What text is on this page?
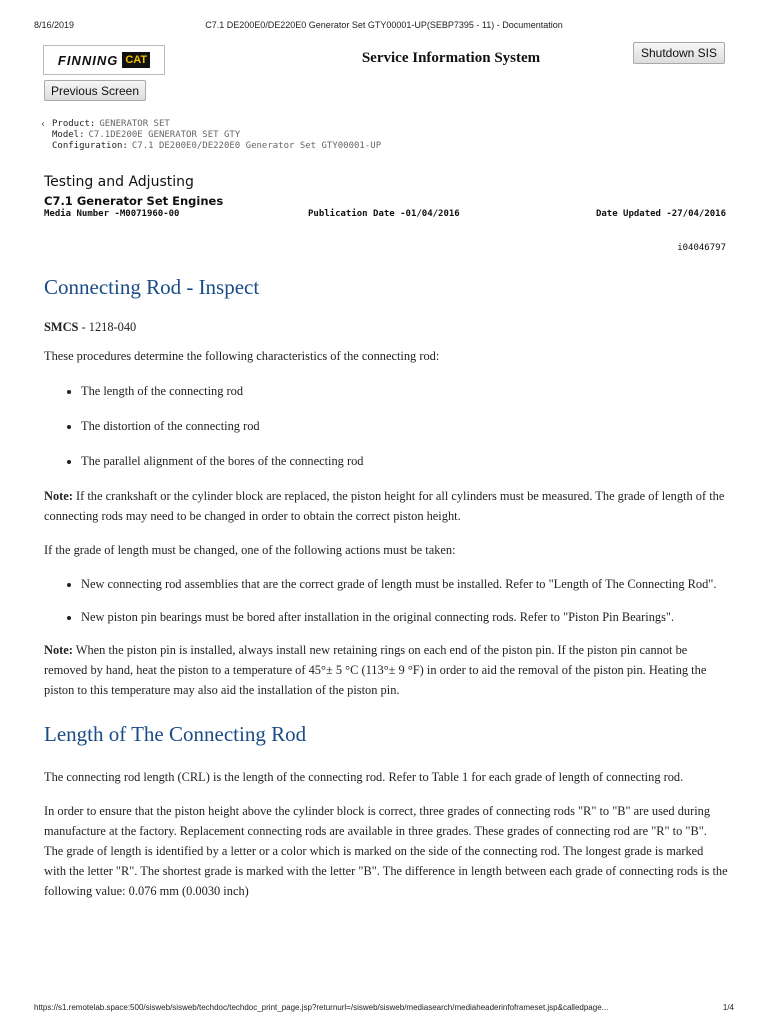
8/16/2019	C7.1 DE200E0/DE220E0 Generator Set GTY00001-UP(SEBP7395 - 11) - Documentation
FINNING CAT	Service Information System	Shutdown SIS
Previous Screen
‹ Product: GENERATOR SET
Model: C7.1DE200E GENERATOR SET GTY
Configuration: C7.1 DE200E0/DE220E0 Generator Set GTY00001-UP
Testing and Adjusting
C7.1 Generator Set Engines
Media Number -M0071960-00	Publication Date -01/04/2016	Date Updated -27/04/2016
i04046797
Connecting Rod - Inspect

SMCS - 1218-040

These procedures determine the following characteristics of the connecting rod:

• The length of the connecting rod
• The distortion of the connecting rod
• The parallel alignment of the bores of the connecting rod

Note: If the crankshaft or the cylinder block are replaced, the piston height for all cylinders must be measured. The grade of length of the connecting rods may need to be changed in order to obtain the correct piston height.

If the grade of length must be changed, one of the following actions must be taken:

• New connecting rod assemblies that are the correct grade of length must be installed. Refer to "Length of The Connecting Rod".
• New piston pin bearings must be bored after installation in the original connecting rods. Refer to "Piston Pin Bearings".

Note: When the piston pin is installed, always install new retaining rings on each end of the piston pin. If the piston pin cannot be removed by hand, heat the piston to a temperature of 45°± 5 °C (113°± 9 °F) in order to aid the removal of the piston pin. Heating the piston to this temperature may also aid the installation of the piston pin.

Length of The Connecting Rod

The connecting rod length (CRL) is the length of the connecting rod. Refer to Table 1 for each grade of length of connecting rod.

In order to ensure that the piston height above the cylinder block is correct, three grades of connecting rods "R" to "B" are used during manufacture at the factory. Replacement connecting rods are available in three grades. These grades of connecting rod are "R" to "B". The grade of length is identified by a letter or a color which is marked on the side of the connecting rod. The longest grade is marked with the letter "R". The shortest grade is marked with the letter "B". The difference in length between each grade of connecting rods is the following value: 0.076 mm (0.0030 inch)

https://s1.remotelab.space:500/sisweb/sisweb/techdoc/techdoc_print_page.jsp?returnurl=/sisweb/sisweb/mediasearch/mediaheaderinfoframeset.jsp&calledpage...	1/4
